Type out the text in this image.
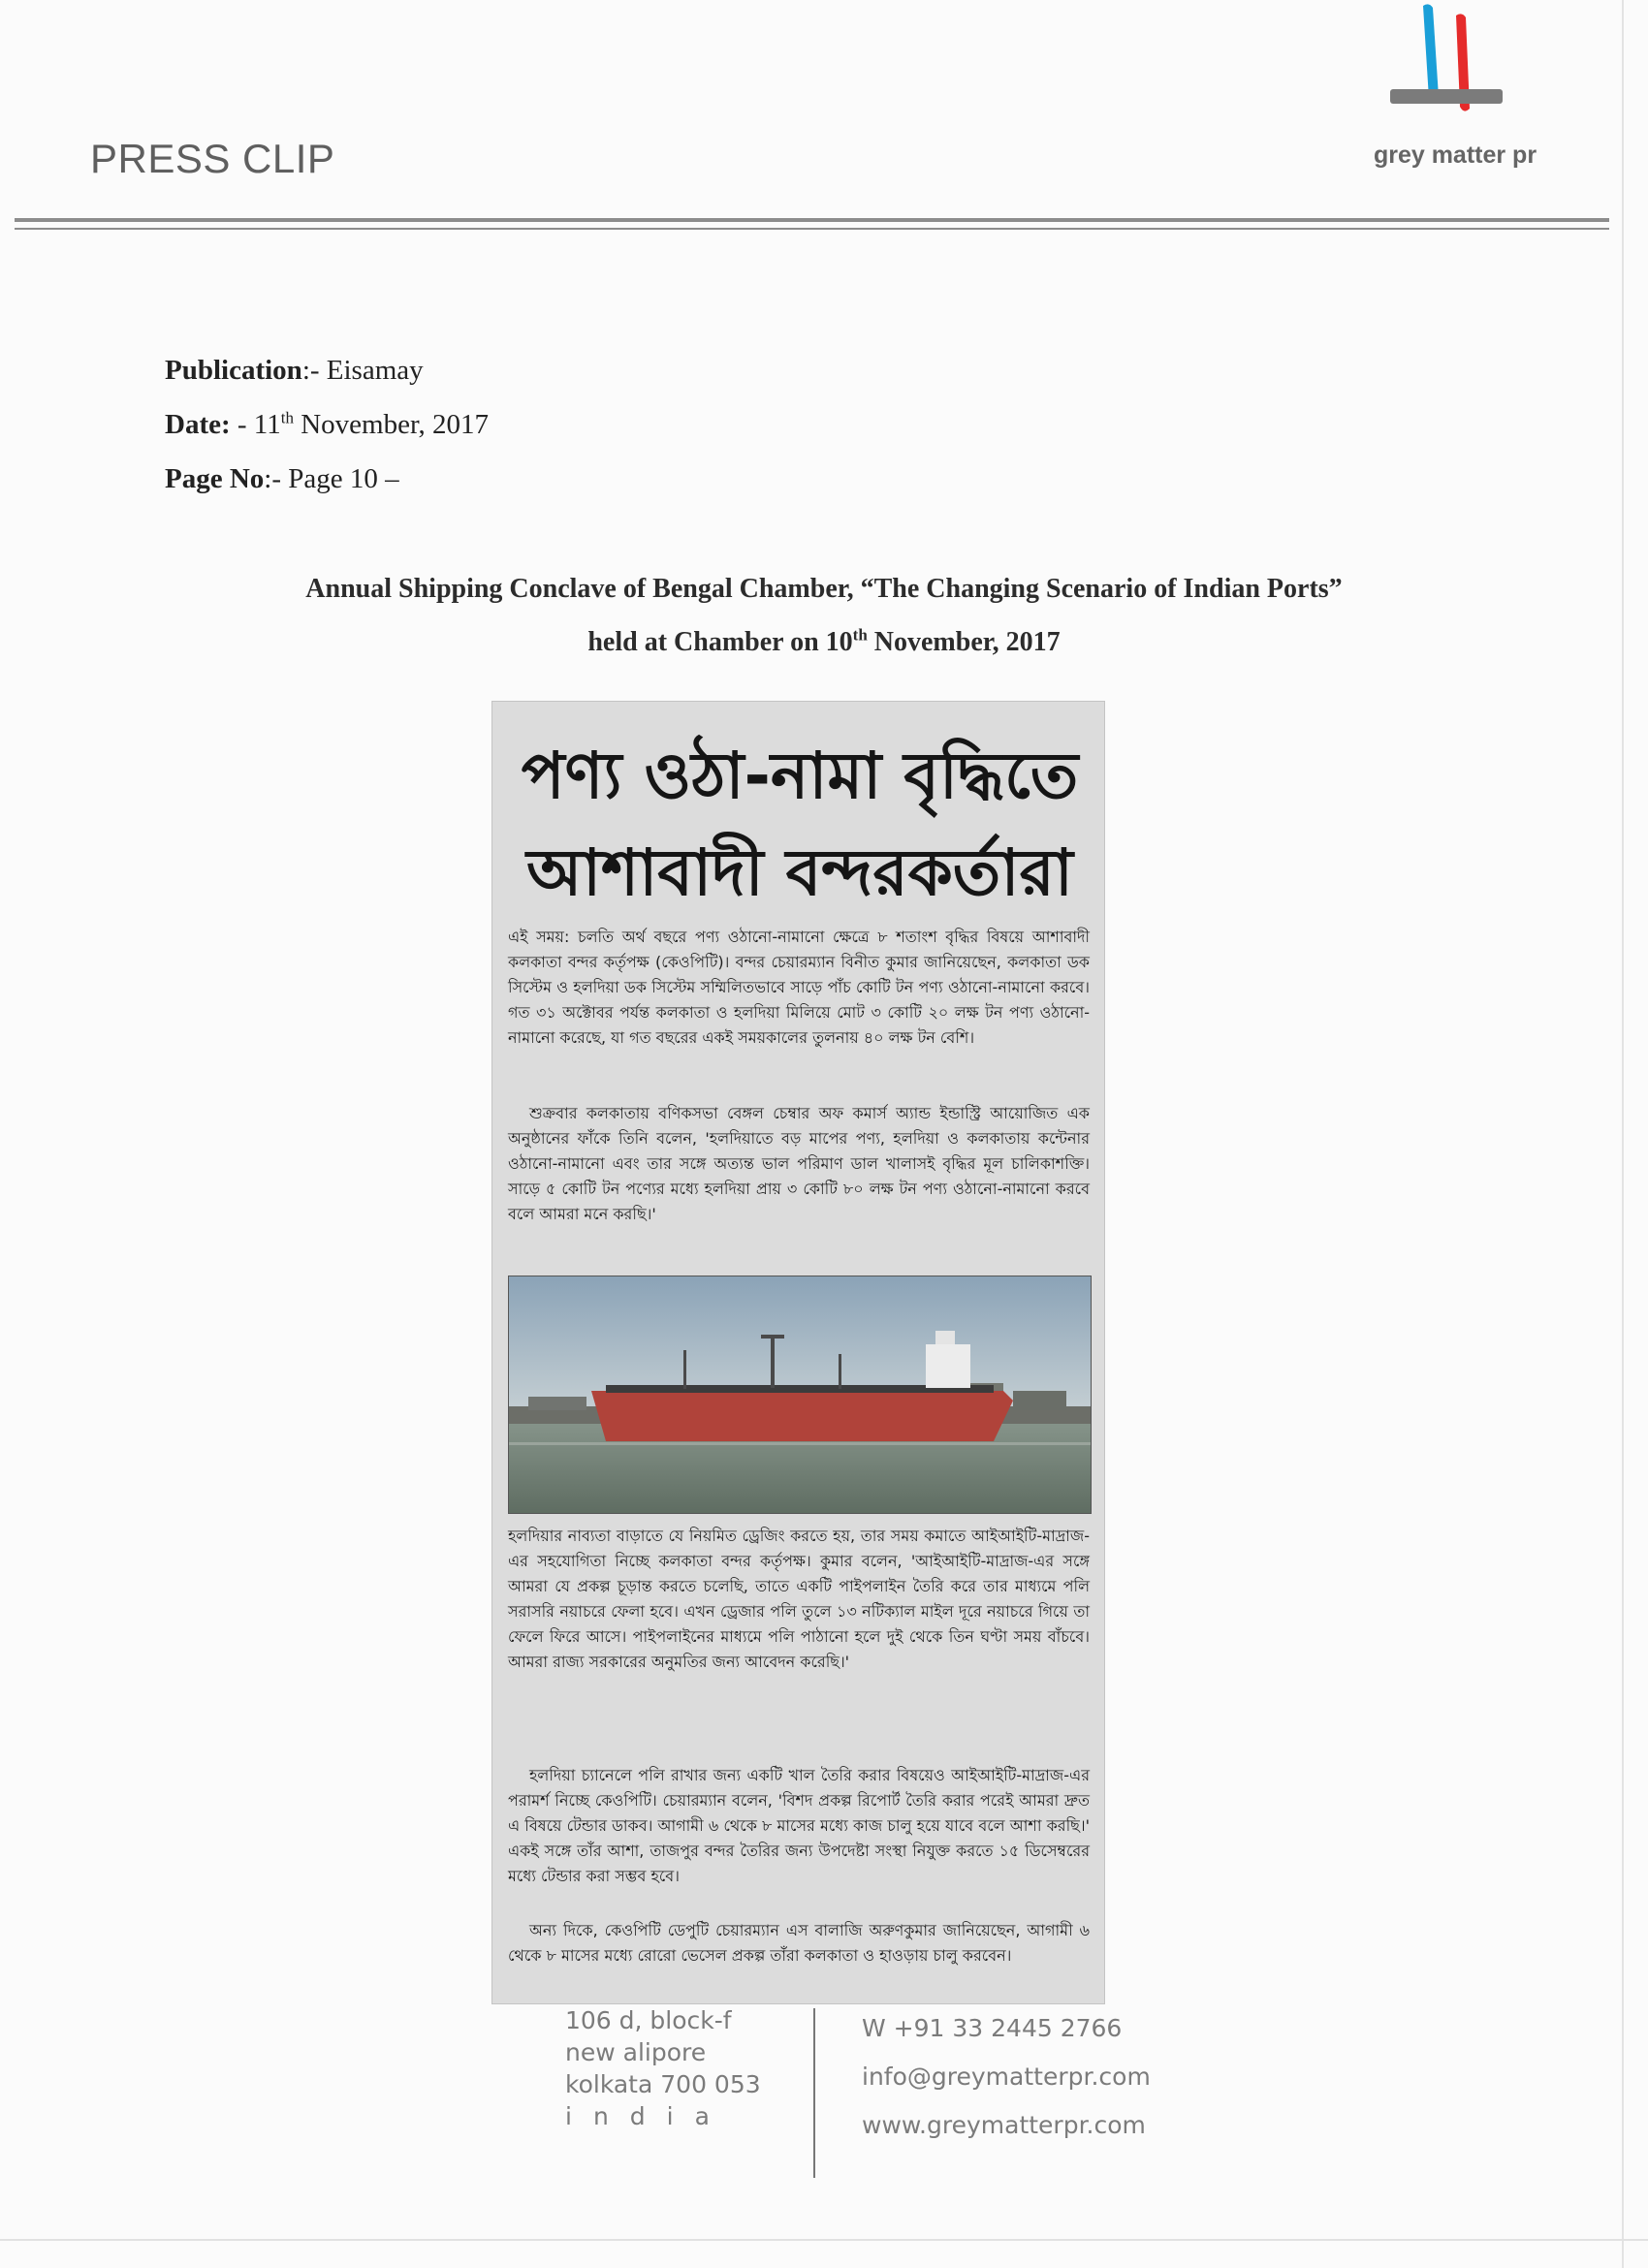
PRESS CLIP	grey matter pr
Publication:- Eisamay
Date: - 11th November, 2017
Page No:- Page 10 –
Annual Shipping Conclave of Bengal Chamber, “The Changing Scenario of Indian Ports”
held at Chamber on 10th November, 2017
পণ্য ওঠা-নামা বৃদ্ধিতে
আশাবাদী বন্দরকর্তারা
এই সময়: চলতি অর্থ বছরে পণ্য ওঠানো-নামানো ক্ষেত্রে ৮ শতাংশ বৃদ্ধির বিষয়ে আশাবাদী কলকাতা বন্দর কর্তৃপক্ষ (কেওপিটি)। বন্দর চেয়ারম্যান বিনীত কুমার জানিয়েছেন, কলকাতা ডক সিস্টেম ও হলদিয়া ডক সিস্টেম সম্মিলিতভাবে সাড়ে পাঁচ কোটি টন পণ্য ওঠানো-নামানো করবে। গত ৩১ অক্টোবর পর্যন্ত কলকাতা ও হলদিয়া মিলিয়ে মোট ৩ কোটি ২০ লক্ষ টন পণ্য ওঠানো-নামানো করেছে, যা গত বছরের একই সময়কালের তুলনায় ৪০ লক্ষ টন বেশি।
শুক্রবার কলকাতায় বণিকসভা বেঙ্গল চেম্বার অফ কমার্স অ্যান্ড ইন্ডাস্ট্রি আয়োজিত এক অনুষ্ঠানের ফাঁকে তিনি বলেন, 'হলদিয়াতে বড় মাপের পণ্য, হলদিয়া ও কলকাতায় কন্টেনার ওঠানো-নামানো এবং তার সঙ্গে অত্যন্ত ভাল পরিমাণ ডাল খালাসই বৃদ্ধির মূল চালিকাশক্তি। সাড়ে ৫ কোটি টন পণ্যের মধ্যে হলদিয়া প্রায় ৩ কোটি ৮০ লক্ষ টন পণ্য ওঠানো-নামানো করবে বলে আমরা মনে করছি।'
হলদিয়ার নাব্যতা বাড়াতে যে নিয়মিত ড্রেজিং করতে হয়, তার সময় কমাতে আইআইটি-মাদ্রাজ-এর সহযোগিতা নিচ্ছে কলকাতা বন্দর কর্তৃপক্ষ। কুমার বলেন, 'আইআইটি-মাদ্রাজ-এর সঙ্গে আমরা যে প্রকল্প চূড়ান্ত করতে চলেছি, তাতে একটি পাইপলাইন তৈরি করে তার মাধ্যমে পলি সরাসরি নয়াচরে ফেলা হবে। এখন ড্রেজার পলি তুলে ১৩ নটিক্যাল মাইল দূরে নয়াচরে গিয়ে তা ফেলে ফিরে আসে। পাইপলাইনের মাধ্যমে পলি পাঠানো হলে দুই থেকে তিন ঘণ্টা সময় বাঁচবে। আমরা রাজ্য সরকারের অনুমতির জন্য আবেদন করেছি।'
হলদিয়া চ্যানেলে পলি রাখার জন্য একটি খাল তৈরি করার বিষয়েও আইআইটি-মাদ্রাজ-এর পরামর্শ নিচ্ছে কেওপিটি। চেয়ারম্যান বলেন, 'বিশদ প্রকল্প রিপোর্ট তৈরি করার পরেই আমরা দ্রুত এ বিষয়ে টেন্ডার ডাকব। আগামী ৬ থেকে ৮ মাসের মধ্যে কাজ চালু হয়ে যাবে বলে আশা করছি।' একই সঙ্গে তাঁর আশা, তাজপুর বন্দর তৈরির জন্য উপদেষ্টা সংস্থা নিযুক্ত করতে ১৫ ডিসেম্বরের মধ্যে টেন্ডার করা সম্ভব হবে।
অন্য দিকে, কেওপিটি ডেপুটি চেয়ারম্যান এস বালাজি অরুণকুমার জানিয়েছেন, আগামী ৬ থেকে ৮ মাসের মধ্যে রোরো ভেসেল প্রকল্প তাঁরা কলকাতা ও হাওড়ায় চালু করবেন।
106 d, block-f
new alipore
kolkata 700 053
india
W +91 33 2445 2766
info@greymatterpr.com
www.greymatterpr.com
